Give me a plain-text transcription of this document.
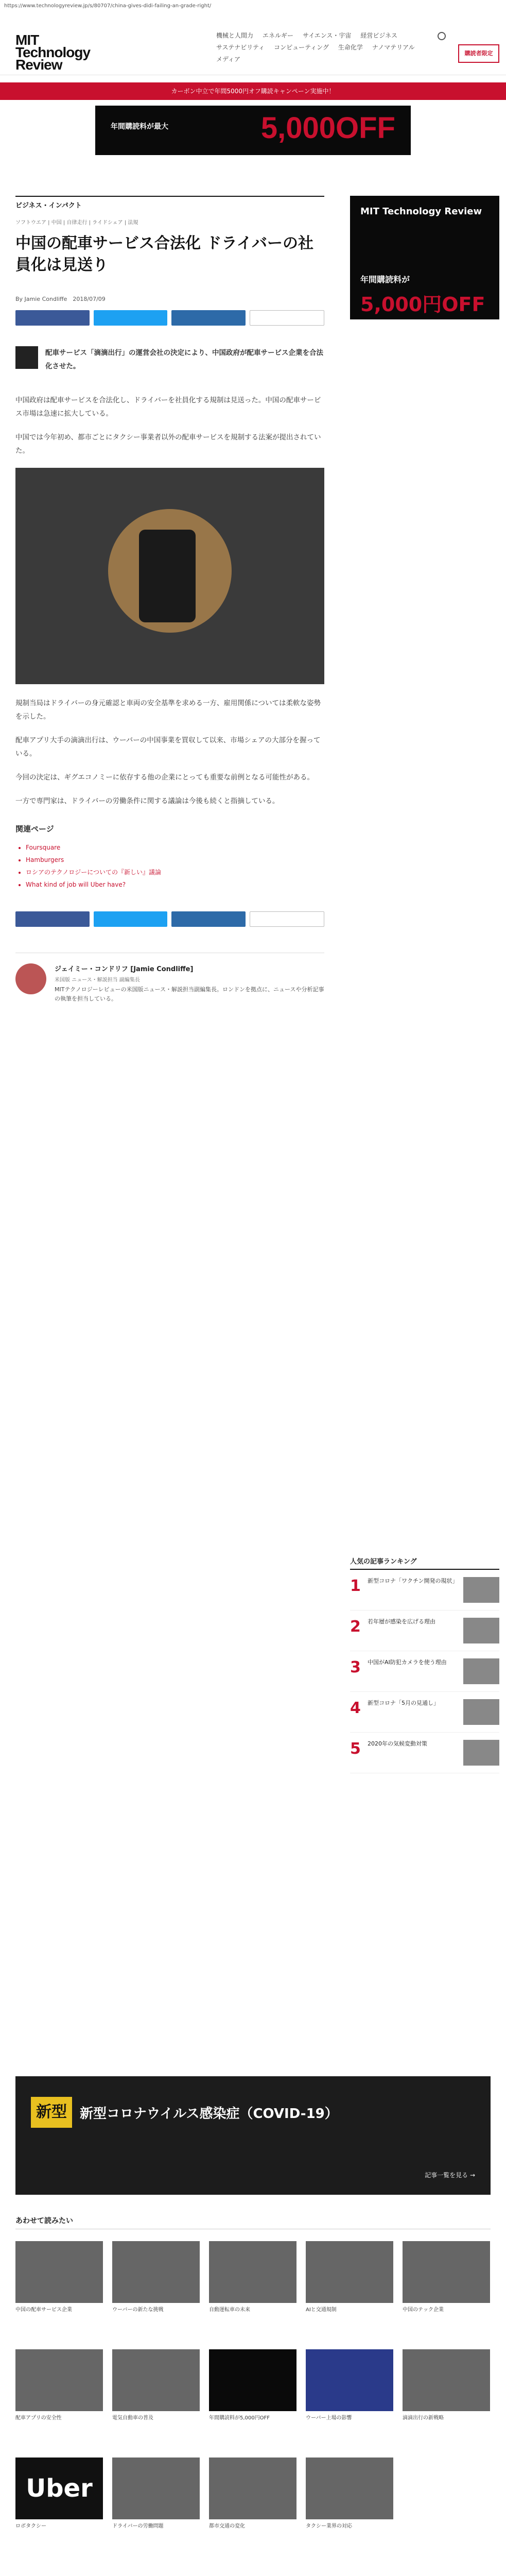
https://www.technologyreview.jp/s/80707/china-gives-didi-failing-an-grade-right/
MIT Technology Review
機械と人間力 エネルギー サイエンス・宇宙 経営ビジネス
サステナビリティ コンピューティング 生命化学 ナノマテリアル
メディア
購読者限定
カーボン中立で年間5000円オフ購読キャンペーン実施中！
年間購読料が最大	5,000OFF
ビジネス・インパクト
ソフトウエア | 中国 | 自律走行 | ライドシェア | 法規
中国の配車サービス合法化 ドライバーの社員化は見送り
By Jamie Condliffe　2018/07/09

配車サービス「滴滴出行」の運営会社の決定により、中国政府が配車サービス企業を合法化させた。

中国政府は配車サービスを合法化し、ドライバーを社員化する規制は見送った。中国の配車サービス市場は急速に拡大している。

中国では今年初め、都市ごとにタクシー事業者以外の配車サービスを規制する法案が提出されていた。

規制当局はドライバーの身元確認と車両の安全基準を求める一方、雇用関係については柔軟な姿勢を示した。

配車アプリ大手の滴滴出行は、ウーバーの中国事業を買収して以来、市場シェアの大部分を握っている。

今回の決定は、ギグエコノミーに依存する他の企業にとっても重要な前例となる可能性がある。

一方で専門家は、ドライバーの労働条件に関する議論は今後も続くと指摘している。

関連ページ
• Foursquare
• Hamburgers
• ロシアのテクノロジーについての『新しい』議論
• What kind of job will Uber have?
ジェイミー・コンドリフ [Jamie Condliffe]
米国版 ニュース・解説担当 副編集長
MITテクノロジーレビューの米国版ニュース・解説担当副編集長。ロンドンを拠点に、ニュースや分析記事の執筆を担当している。
MIT Technology Review
年間購読料が
5,000円OFF
人気の記事ランキング
1 新型コロナ「ワクチン開発の現状」
2 若年層が感染を広げる理由
3 中国がAI防犯カメラを使う理由
4 新型コロナ「5月の見通し」
5 2020年の気候変動対策
新型 新型コロナウイルス感染症（COVID-19）
記事一覧を見る →
あわせて読みたい
中国の配車サービス企業	ウーバーの新たな挑戦	自動運転車の未来	AIと交通規制	中国のテック企業
配車アプリの安全性	電気自動車の普及	年間購読料が5,000円OFF	ウーバー上場の影響	滴滴出行の新戦略
Uber
ロボタクシー	ドライバーの労働問題	都市交通の変化	タクシー業界の対応
